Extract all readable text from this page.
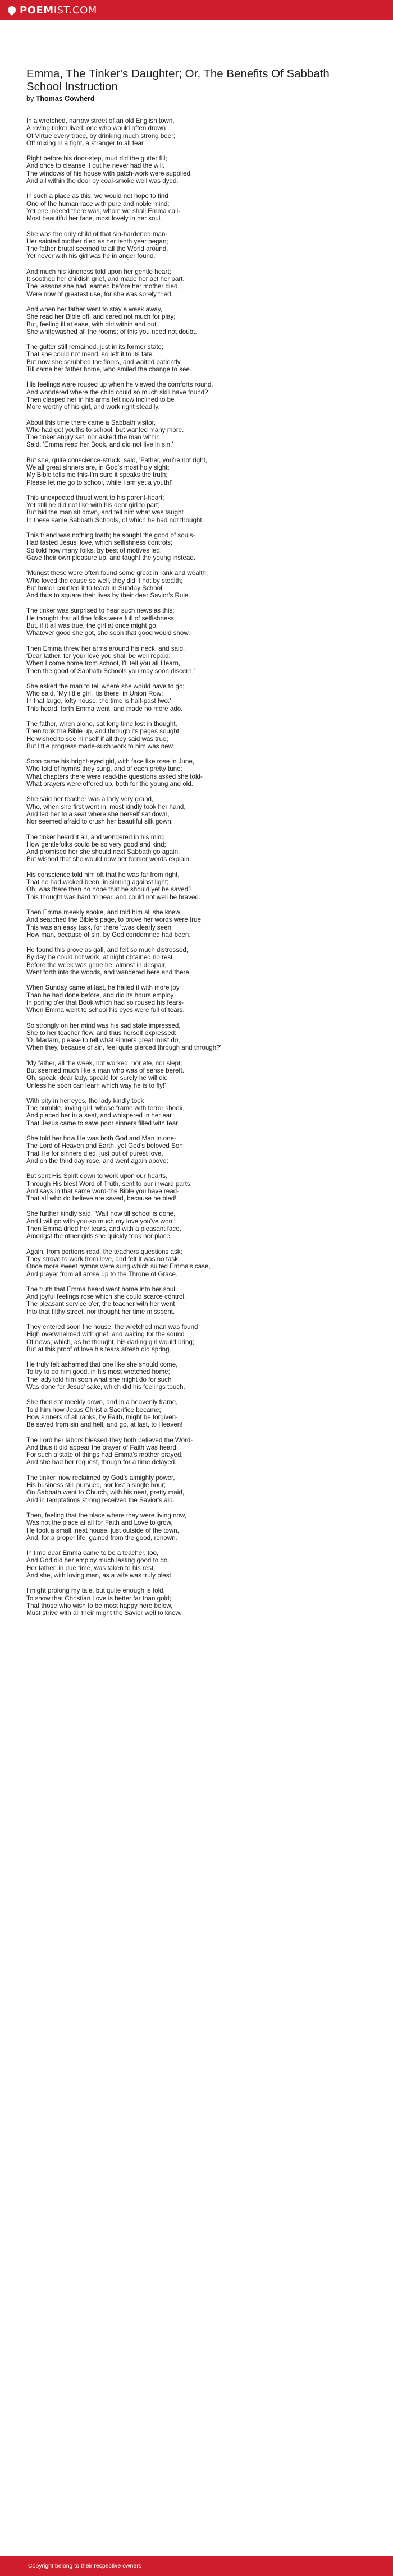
POEMIST.COM
Emma, The Tinker's Daughter; Or, The Benefits Of Sabbath School Instruction
by Thomas Cowherd
In a wretched, narrow street of an old English town,
A roving tinker lived; one who would often drown
Of Virtue every trace, by drinking much strong beer;
Oft mixing in a fight, a stranger to all fear.
Right before his door-step, mud did the gutter fill;
And once to cleanse it out he never had the will.
The windows of his house with patch-work were supplied,
And all within the door by coal-smoke well was dyed.
In such a place as this, we would not hope to find
One of the human race with pure and noble mind;
Yet one indeed there was, whom we shall Emma call-
Most beautiful her face, most lovely in her soul.
She was the only child of that sin-hardened man-
Her sainted mother died as her tenth year began;
The father brutal seemed to all the World around,
Yet never with his girl was he in anger found.'
And much his kindness told upon her gentle heart;
It soothed her childish grief, and made her act her part.
The lessons she had learned before her mother died,
Were now of greatest use, for she was sorely tried.
And when her father went to stay a week away,
She read her Bible oft, and cared not much for play;
But, feeling ill at ease, with dirt within and out
She whitewashed all the rooms; of this you need not doubt.
The gutter still remained, just in its former state;
That she could not mend, so left it to its fate.
But now she scrubbed the floors, and waited patiently,
Till came her father home, who smiled the change to see.
His feelings were roused up when he viewed the comforts round,
And wondered where the child could so much skill have found?
Then clasped her in his arms felt now inclined to be
More worthy of his girl, and work right steadily.
About this time there came a Sabbath visitor,
Who had got youths to school, but wanted many more.
The tinker angry sat, nor asked the man within;
Said, 'Emma read her Book, and did not live in sin.'
But she, quite conscience-struck, said, 'Father, you're not right,
We all great sinners are, in God's most holy sight;
My Bible tells me this-I'm sure it speaks the truth;
Please let me go to school, while I am yet a youth!'
This unexpected thrust went to his parent-heart;
Yet still he did not like with his dear girl to part;
But bid the man sit down, and tell him what was taught
In these same Sabbath Schools, of which he had not thought.
This friend was nothing loath; he sought the good of souls-
Had tasted Jesus' love, which selfishness controls;
So told how many folks, by best of motives led,
Gave their own pleasure up, and taught the young instead.
'Mongst these were often found some great in rank and wealth;
Who loved the cause so well, they did it not by stealth;
But honor counted it to teach in Sunday School,
And thus to square their lives by their dear Savior's Rule.
The tinker was surprised to hear such news as this;
He thought that all fine folks were full of selfishness;
But, if it all was true, the girl at once might go;
Whatever good she got, she soon that good would show.
Then Emma threw her arms around his neck, and said,
'Dear father, for your love you shall be well repaid;
When I come home from school, I'll tell you all I learn,
Then the good of Sabbath Schools you may soon discern.'
She asked the man to tell where she would have to go;
Who said, 'My little girl, 'tis there, in Union Row;
In that large, lofty house; the time is half-past two.'
This heard, forth Emma went, and made no more ado.
The father, when alone, sat long time lost in thought,
Then took the Bible up, and through its pages sought;
He wished to see himself if all they said was true;
But little progress made-such work to him was new.
Soon came his bright-eyed girl, with face like rose in June,
Who told of hymns they sung, and of each pretty tune;
What chapters there were read-the questions asked she told-
What prayers were offered up, both for the young and old.
She said her teacher was a lady very grand,
Who, when she first went in, most kindly took her hand,
And led her to a seat where she herself sat down,
Nor seemed afraid to crush her beautiful silk gown.
The tinker heard it all, and wondered in his mind
How gentlefolks could be so very good and kind;
And promised her she should next Sabbath go again,
But wished that she would now her former words explain.
His conscience told him oft that he was far from right,
That he had wicked been, in sinning against light;
Oh, was there then no hope that he should yet be saved?
This thought was hard to bear, and could not well be braved.
Then Emma meekly spoke, and told him all she knew;
And searched the Bible's page, to prove her words were true.
This was an easy task, for there 'twas clearly seen
How man, because of sin, by God condemned had been.
He found this prove as gall, and felt so much distressed,
By day he could not work, at night obtained no rest.
Before the week was gone he, almost in despair,
Went forth into the woods, and wandered here and there.
When Sunday came at last, he hailed it with more joy
Than he had done before, and did its hours employ
In poring o'er that Book which had so roused his fears-
When Emma went to school his eyes were full of tears.
So strongly on her mind was his sad state impressed,
She to her teacher flew, and thus herself expressed:
'O, Madam, please to tell what sinners great must do,
When they, because of sin, feel quite pierced through and through?'
'My father, all the week, not worked, nor ate, nor slept;
But seemed much like a man who was of sense bereft.
Oh, speak, dear lady, speak! for surely he will die
Unless he soon can learn which way he is to fly!'
With pity in her eyes, the lady kindly took
The humble, loving girl, whose frame with terror shook,
And placed her in a seat, and whispered in her ear
That Jesus came to save poor sinners filled with fear.
She told her how He was both God and Man in one-
The Lord of Heaven and Earth, yet God's beloved Son;
That He for sinners died, just out of purest love,
And on the third day rose, and went again above;
But sent His Spirit down to work upon our hearts,
Through His blest Word of Truth, sent to our inward parts;
And says in that same word-the Bible you have read-
That all who do believe are saved, because he bled!
She further kindly said, 'Wait now till school is done,
And I will go with you-so much my love you've won.'
Then Emma dried her tears, and with a pleasant face,
Amongst the other girls she quickly took her place.
Again, from portions read, the teachers questions ask;
They strove to work from love, and felt it was no task;
Once more sweet hymns were sung which suited Emma's case,
And prayer from all arose up to the Throne of Grace.
The truth that Emma heard went home into her soul,
And joyful feelings rose which she could scarce control.
The pleasant service o'er, the teacher with her went
Into that filthy street, nor thought her time misspent.
They entered soon the house; the wretched man was found
High overwhelmed with grief, and waiting for the sound
Of news, which, as he thought, his darling girl would bring;
But at this proof of love his tears afresh did spring.
He truly felt ashamed that one like she should come,
To try to do him good, in his most wretched home;
The lady told him soon what she might do for such
Was done for Jesus' sake, which did his feelings touch.
She then sat meekly down, and in a heavenly frame,
Told him how Jesus Christ a Sacrifice became;
How sinners of all ranks, by Faith, might be forgiven-
Be saved from sin and hell, and go, at last, to Heaven!
The Lord her labors blessed-they both believed the Word-
And thus it did appear the prayer of Faith was heard.
For such a state of things had Emma's mother prayed,
And she had her request, though for a time delayed.
The tinker, now reclaimed by God's almighty power,
His business still pursued, nor lost a single hour;
On Sabbath went to Church, with his neat, pretty maid,
And in temptations strong received the Savior's aid.
Then, feeling that the place where they were living now,
Was not the place at all for Faith and Love to grow,
He took a small, neat house, just outside of the town,
And, for a proper life, gained from the good, renown.
In time dear Emma came to be a teacher, too,
And God did her employ much lasting good to do.
Her father, in due time, was taken to his rest,
And she, with loving man, as a wife was truly blest.
I might prolong my tale, but quite enough is told,
To show that Christian Love is better far than gold;
That those who wish to be most happy here below,
Must strive with all their might the Savior well to know.
Copyright belong to their respective owners
